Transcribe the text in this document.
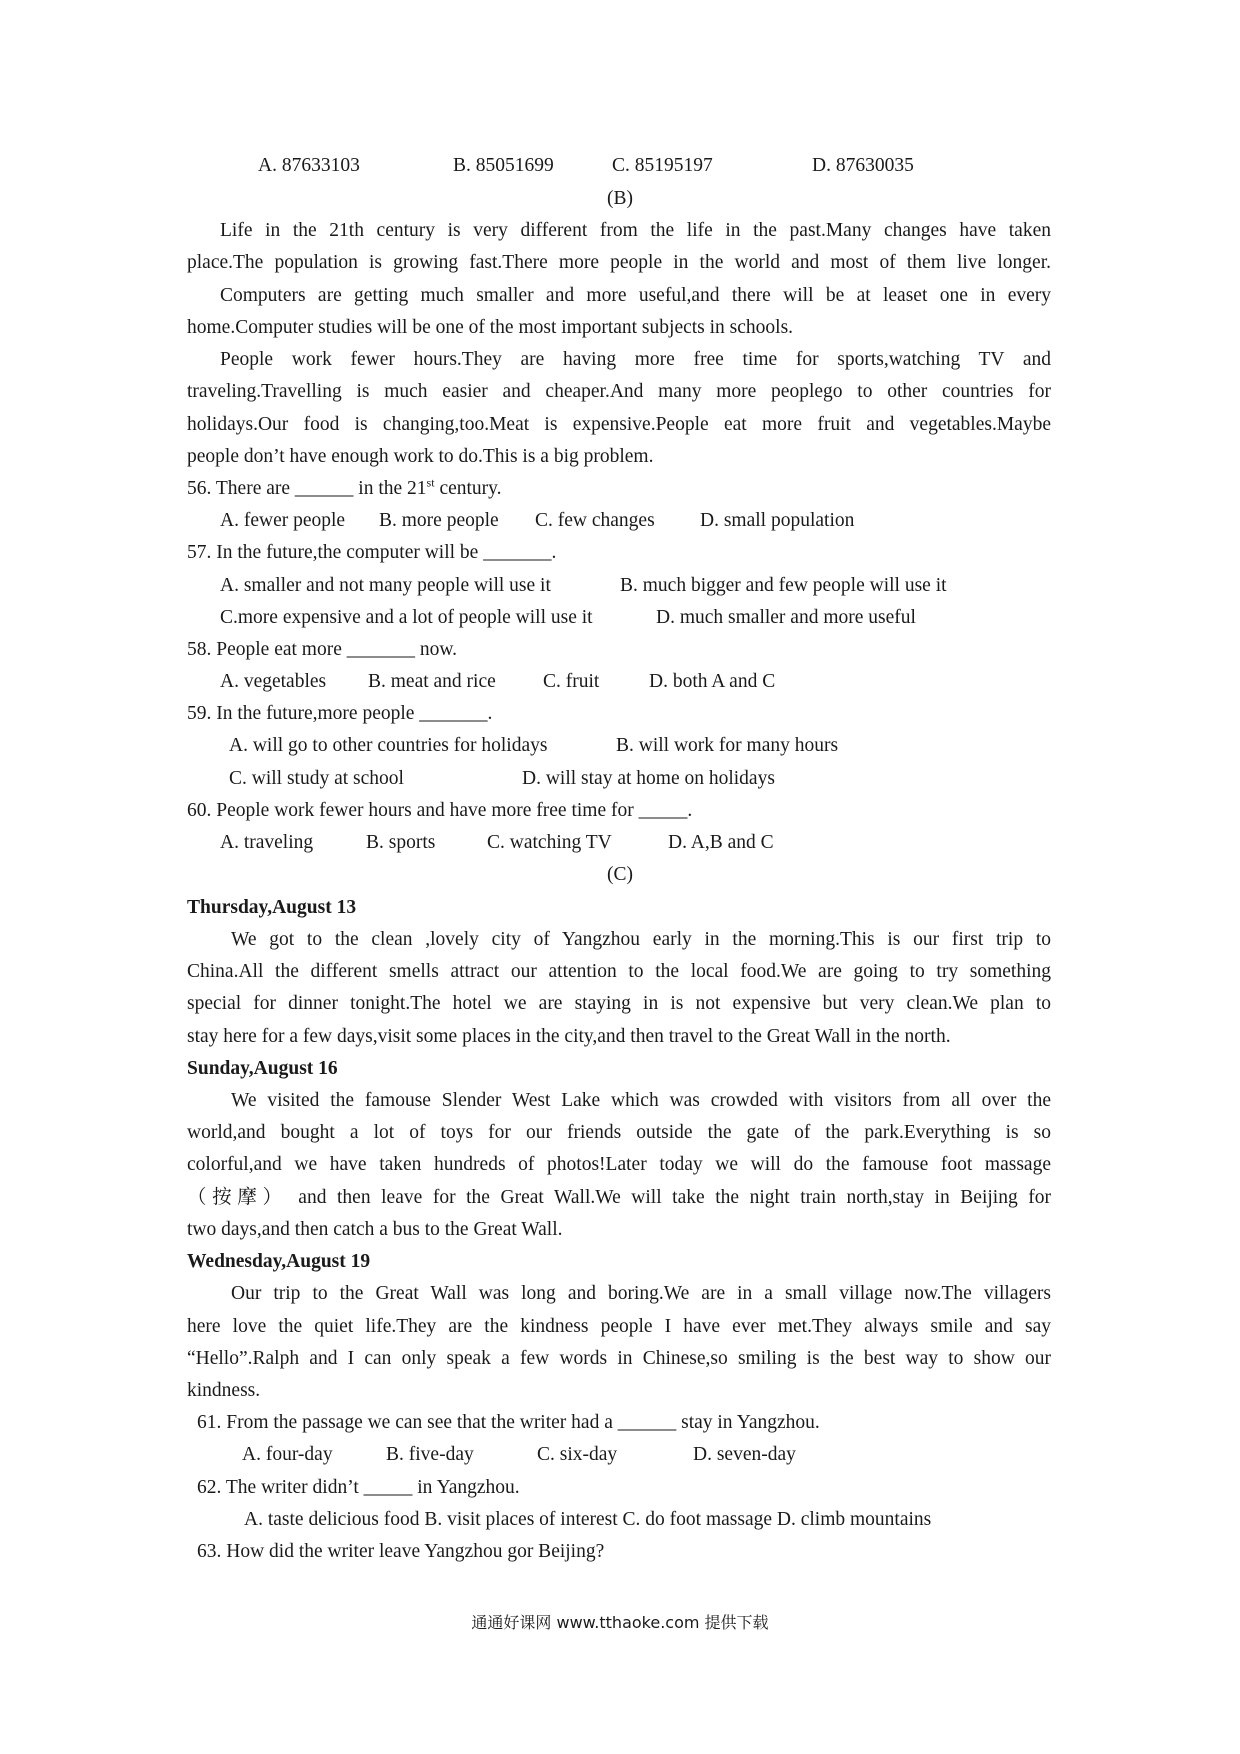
A. 87633103	B. 85051699	C. 85195197	D. 87630035
(B)
Life in the 21th century is very different from the life in the past.Many changes have taken
place.The population is growing fast.There more people in the world and most of them live longer.
Computers are getting much smaller and more useful,and there will be at leaset one in every
home.Computer studies will be one of the most important subjects in schools.
People work fewer hours.They are having more free time for sports,watching TV and
traveling.Travelling is much easier and cheaper.And many more peoplego to other countries for
holidays.Our food is changing,too.Meat is expensive.People eat more fruit and vegetables.Maybe
people don’t have enough work to do.This is a big problem.
56. There are ______ in the 21st century.
A. fewer people B. more people C. few changes D. small population
57. In the future,the computer will be _______.
A. smaller and not many people will use it	B. much bigger and few people will use it
C.more expensive and a lot of people will use it	D. much smaller and more useful
58. People eat more _______ now.
A. vegetables B. meat and rice C. fruit	D. both A and C
59. In the future,more people _______.
A. will go to other countries for holidays	B. will work for many hours
C. will study at school	D. will stay at home on holidays
60. People work fewer hours and have more free time for _____.
A. traveling	B. sports	C. watching TV	D. A,B and C
(C)
Thursday,August 13
We got to the clean ,lovely city of Yangzhou early in the morning.This is our first trip to
China.All the different smells attract our attention to the local food.We are going to try something
special for dinner tonight.The hotel we are staying in is not expensive but very clean.We plan to
stay here for a few days,visit some places in the city,and then travel to the Great Wall in the north.
Sunday,August 16
We visited the famouse Slender West Lake which was crowded with visitors from all over the
world,and bought a lot of toys for our friends outside the gate of the park.Everything is so
colorful,and we have taken hundreds of photos!Later today we will do the famouse foot massage
（按摩） and then leave for the Great Wall.We will take the night train north,stay in Beijing for
two days,and then catch a bus to the Great Wall.
Wednesday,August 19
Our trip to the Great Wall was long and boring.We are in a small village now.The villagers
here love the quiet life.They are the kindness people I have ever met.They always smile and say
“Hello”.Ralph and I can only speak a few words in Chinese,so smiling is the best way to show our
kindness.
61. From the passage we can see that the writer had a ______ stay in Yangzhou.
A. four-day	B. five-day	C. six-day	D. seven-day
62. The writer didn’t _____ in Yangzhou.
A. taste delicious food B. visit places of interest C. do foot massage D. climb mountains
63. How did the writer leave Yangzhou gor Beijing?
通通好课网 www.tthaoke.com 提供下载
